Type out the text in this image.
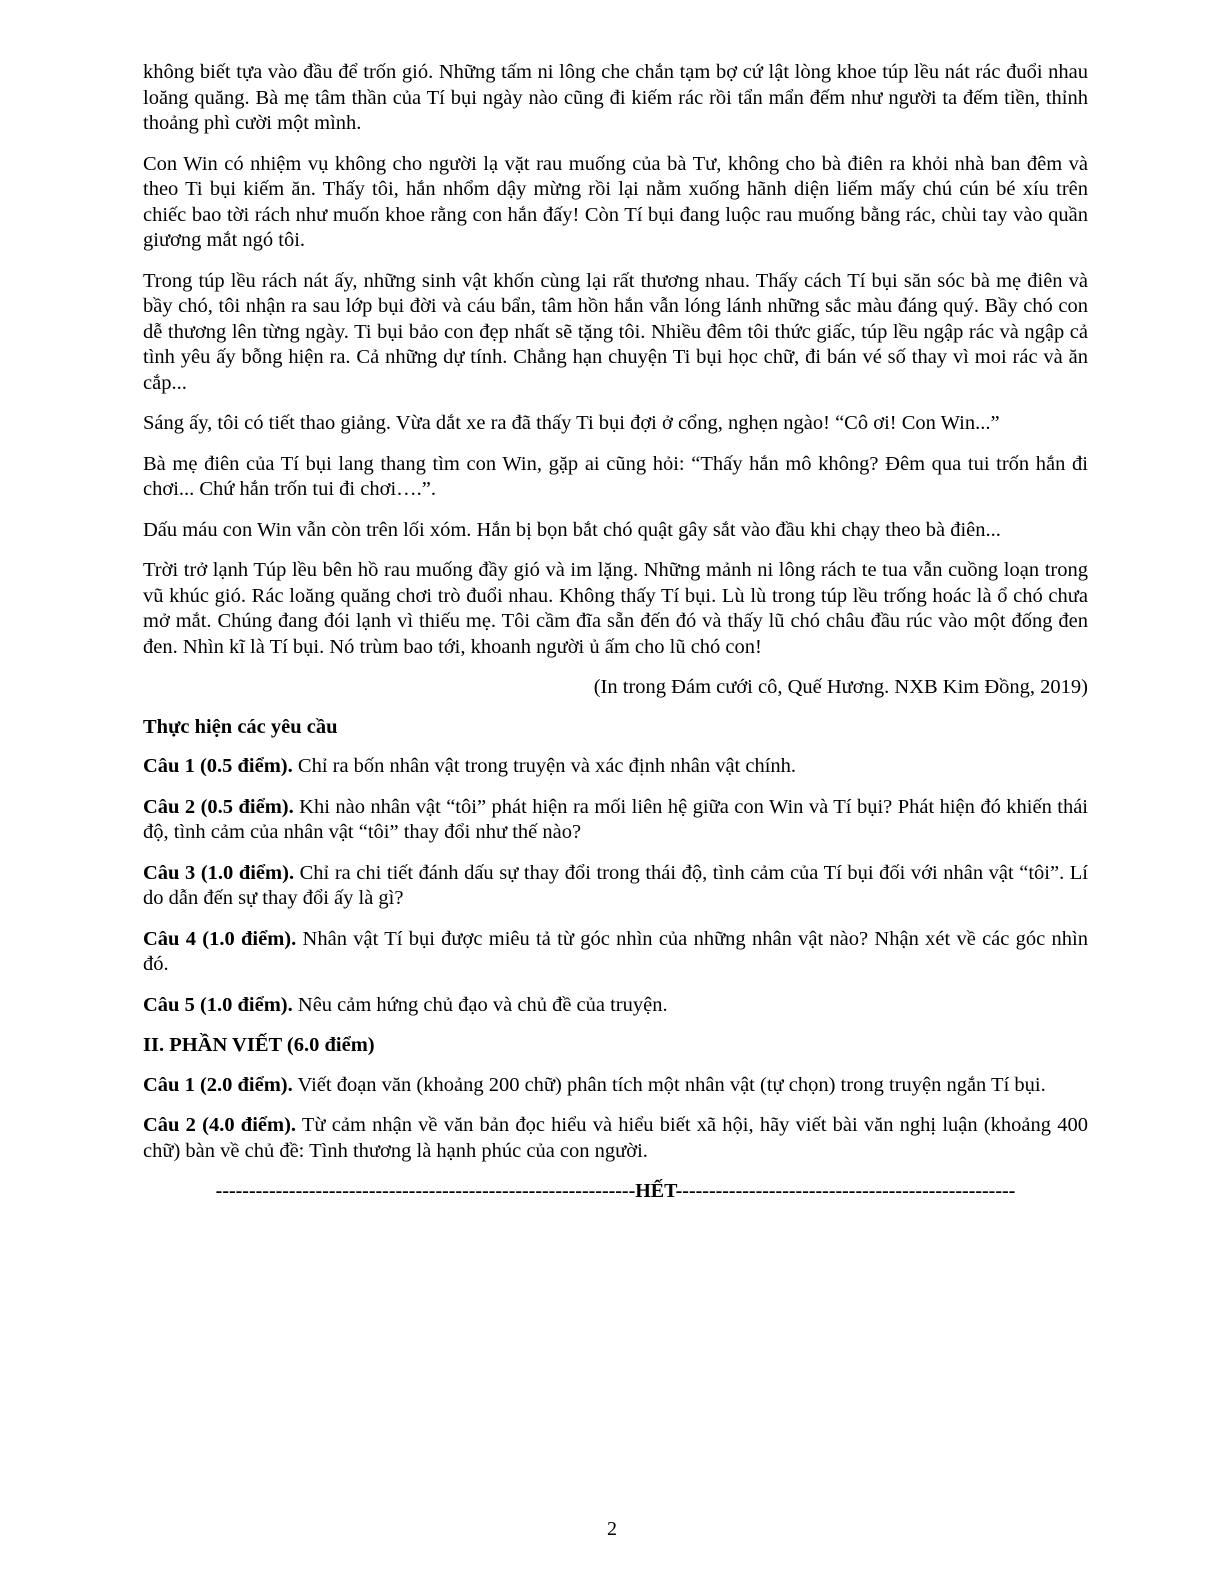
không biết tựa vào đầu để trốn gió. Những tấm ni lông che chắn tạm bợ cứ lật lòng khoe túp lều nát rác đuổi nhau loăng quăng. Bà mẹ tâm thần của Tí bụi ngày nào cũng đi kiếm rác rồi tẩn mẩn đếm như người ta đếm tiền, thỉnh thoảng phì cười một mình.

Con Win có nhiệm vụ không cho người lạ vặt rau muống của bà Tư, không cho bà điên ra khỏi nhà ban đêm và theo Ti bụi kiếm ăn. Thấy tôi, hắn nhổm dậy mừng rồi lại nằm xuống hãnh diện liếm mấy chú cún bé xíu trên chiếc bao tời rách như muốn khoe rằng con hắn đấy! Còn Tí bụi đang luộc rau muống bằng rác, chùi tay vào quần giương mắt ngó tôi.

Trong túp lều rách nát ấy, những sinh vật khốn cùng lại rất thương nhau. Thấy cách Tí bụi săn sóc bà mẹ điên và bầy chó, tôi nhận ra sau lớp bụi đời và cáu bẩn, tâm hồn hắn vẫn lóng lánh những sắc màu đáng quý. Bầy chó con dễ thương lên từng ngày. Ti bụi bảo con đẹp nhất sẽ tặng tôi. Nhiều đêm tôi thức giấc, túp lều ngập rác và ngập cả tình yêu ấy bỗng hiện ra. Cả những dự tính. Chẳng hạn chuyện Ti bụi học chữ, đi bán vé số thay vì moi rác và ăn cắp...

Sáng ấy, tôi có tiết thao giảng. Vừa dắt xe ra đã thấy Ti bụi đợi ở cổng, nghẹn ngào! “Cô ơi! Con Win...”

Bà mẹ điên của Tí bụi lang thang tìm con Win, gặp ai cũng hỏi: “Thấy hắn mô không? Đêm qua tui trốn hắn đi chơi... Chứ hắn trốn tui đi chơi….”.

Dấu máu con Win vẫn còn trên lối xóm. Hắn bị bọn bắt chó quật gây sắt vào đầu khi chạy theo bà điên...

Trời trở lạnh Túp lều bên hồ rau muống đầy gió và im lặng. Những mảnh ni lông rách te tua vẫn cuồng loạn trong vũ khúc gió. Rác loăng quăng chơi trò đuổi nhau. Không thấy Tí bụi. Lù lù trong túp lều trống hoác là ổ chó chưa mở mắt. Chúng đang đói lạnh vì thiếu mẹ. Tôi cầm đĩa sẵn đến đó và thấy lũ chó châu đầu rúc vào một đống đen đen. Nhìn kĩ là Tí bụi. Nó trùm bao tới, khoanh người ủ ấm cho lũ chó con!

(In trong Đám cưới cô, Quế Hương. NXB Kim Đồng, 2019)

Thực hiện các yêu cầu

Câu 1 (0.5 điểm). Chỉ ra bốn nhân vật trong truyện và xác định nhân vật chính.

Câu 2 (0.5 điểm). Khi nào nhân vật “tôi” phát hiện ra mối liên hệ giữa con Win và Tí bụi? Phát hiện đó khiến thái độ, tình cảm của nhân vật “tôi” thay đổi như thế nào?

Câu 3 (1.0 điểm). Chỉ ra chi tiết đánh dấu sự thay đổi trong thái độ, tình cảm của Tí bụi đối với nhân vật “tôi”. Lí do dẫn đến sự thay đổi ấy là gì?

Câu 4 (1.0 điểm). Nhân vật Tí bụi được miêu tả từ góc nhìn của những nhân vật nào? Nhận xét về các góc nhìn đó.

Câu 5 (1.0 điểm). Nêu cảm hứng chủ đạo và chủ đề của truyện.

II. PHẦN VIẾT (6.0 điểm)

Câu 1 (2.0 điểm). Viết đoạn văn (khoảng 200 chữ) phân tích một nhân vật (tự chọn) trong truyện ngắn Tí bụi.

Câu 2 (4.0 điểm). Từ cảm nhận về văn bản đọc hiểu và hiểu biết xã hội, hãy viết bài văn nghị luận (khoảng 400 chữ) bàn về chủ đề: Tình thương là hạnh phúc của con người.

---------------------------------------------------------------HẾT---------------------------------------------------
2
